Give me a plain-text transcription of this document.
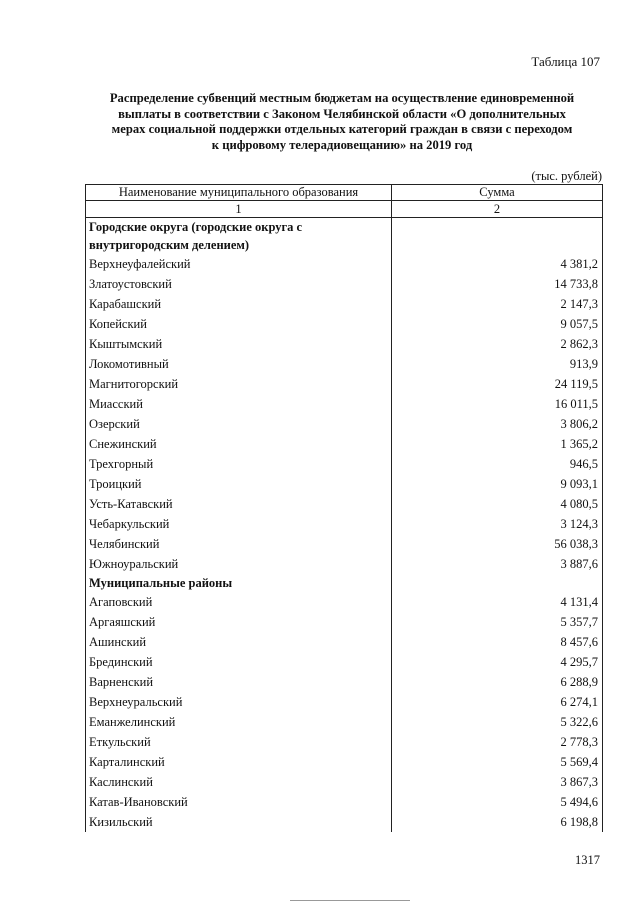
Таблица 107
Распределение субвенций местным бюджетам на осуществление единовременной
выплаты в соответствии с Законом Челябинской области «О дополнительных
мерах социальной поддержки отдельных категорий граждан в связи с переходом
к цифровому телерадиовещанию» на 2019 год
(тыс. рублей)
Наименование муниципального образования	Сумма
1	2
Городские округа (городские округа с внутригородским делением)	
Верхнеуфалейский	4 381,2
Златоустовский	14 733,8
Карабашский	2 147,3
Копейский	9 057,5
Кыштымский	2 862,3
Локомотивный	913,9
Магнитогорский	24 119,5
Миасский	16 011,5
Озерский	3 806,2
Снежинский	1 365,2
Трехгорный	946,5
Троицкий	9 093,1
Усть-Катавский	4 080,5
Чебаркульский	3 124,3
Челябинский	56 038,3
Южноуральский	3 887,6
Муниципальные районы	
Агаповский	4 131,4
Аргаяшский	5 357,7
Ашинский	8 457,6
Брединский	4 295,7
Варненский	6 288,9
Верхнеуральский	6 274,1
Еманжелинский	5 322,6
Еткульский	2 778,3
Карталинский	5 569,4
Каслинский	3 867,3
Катав-Ивановский	5 494,6
Кизильский	6 198,8
1317
